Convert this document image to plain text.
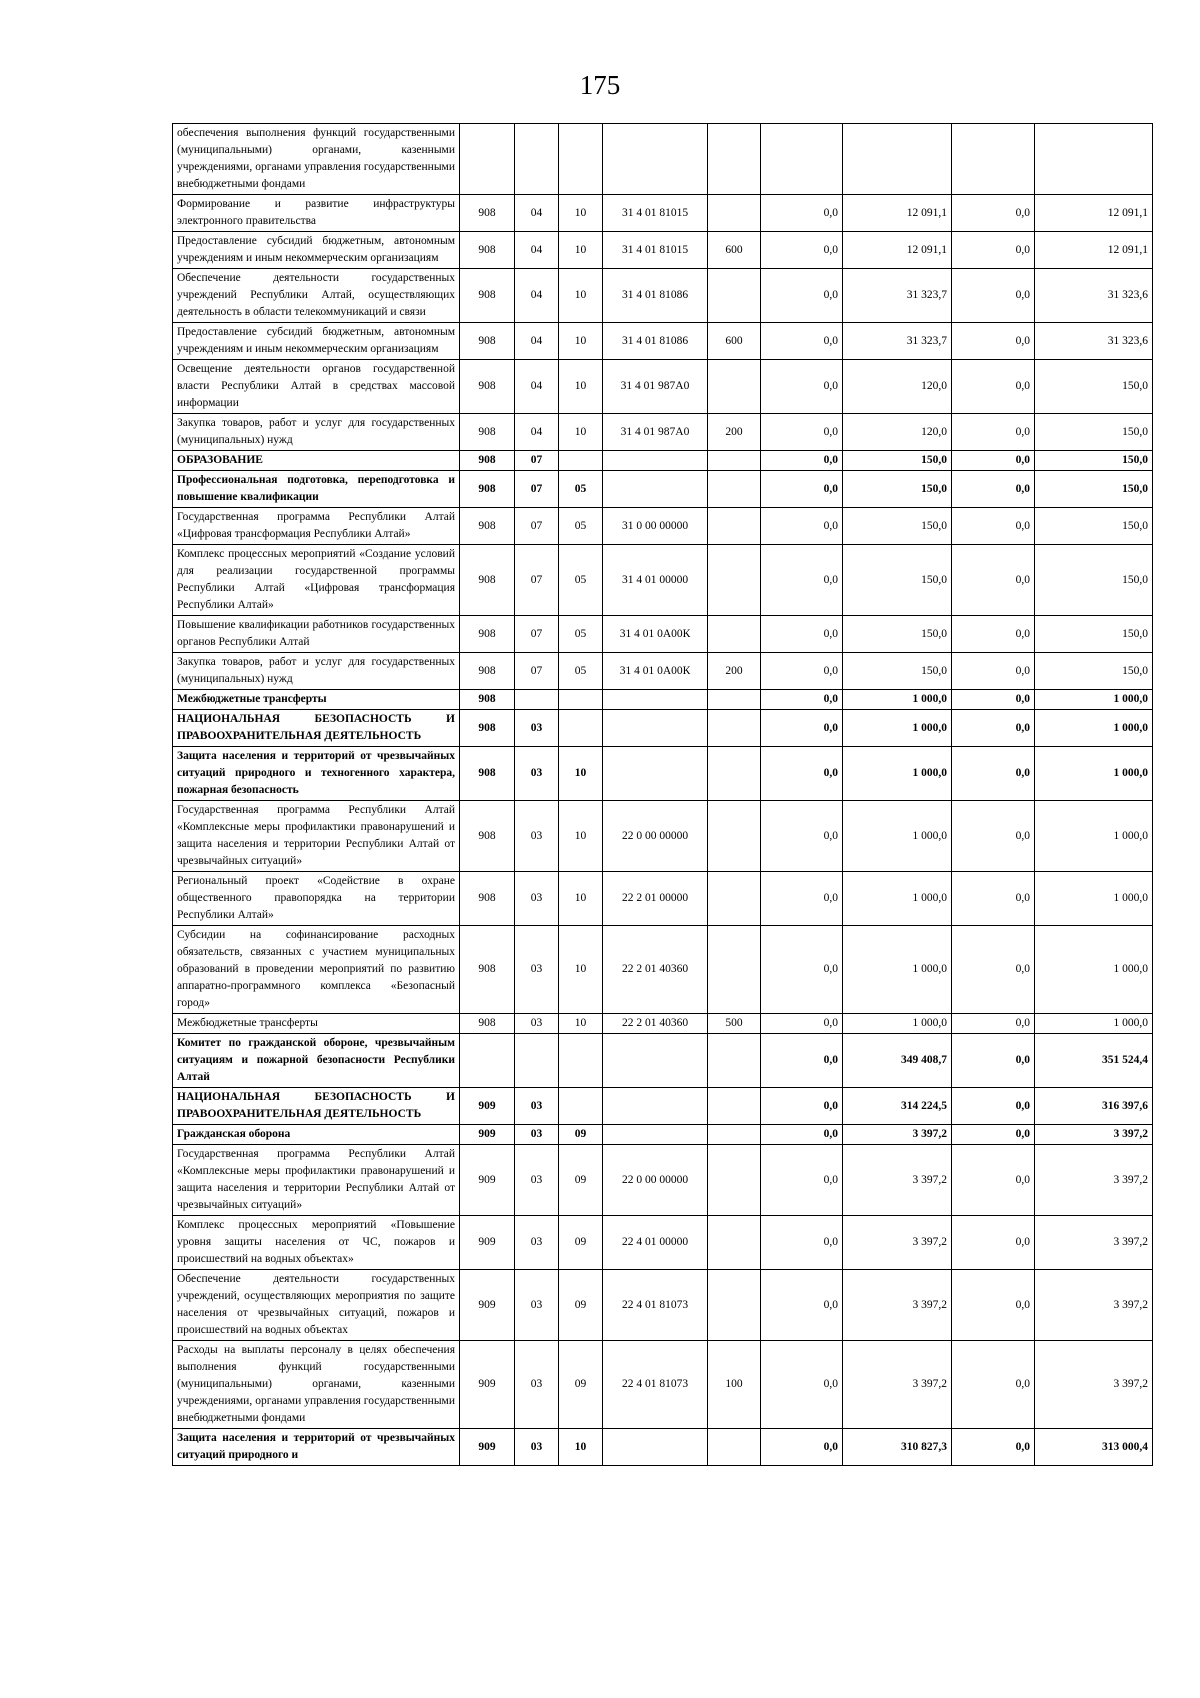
175
обеспечения выполнения функций государственными (муниципальными) органами, казенными учреждениями, органами управления государственными внебюджетными фондами									
Формирование и развитие инфраструктуры электронного правительства	908	04	10	31 4 01 81015		0,0	12 091,1	0,0	12 091,1
Предоставление субсидий бюджетным, автономным учреждениям и иным некоммерческим организациям	908	04	10	31 4 01 81015	600	0,0	12 091,1	0,0	12 091,1
Обеспечение деятельности государственных учреждений Республики Алтай, осуществляющих деятельность в области телекоммуникаций и связи	908	04	10	31 4 01 81086		0,0	31 323,7	0,0	31 323,6
Предоставление субсидий бюджетным, автономным учреждениям и иным некоммерческим организациям	908	04	10	31 4 01 81086	600	0,0	31 323,7	0,0	31 323,6
Освещение деятельности органов государственной власти Республики Алтай в средствах массовой информации	908	04	10	31 4 01 987А0		0,0	120,0	0,0	150,0
Закупка товаров, работ и услуг для государственных (муниципальных) нужд	908	04	10	31 4 01 987А0	200	0,0	120,0	0,0	150,0
ОБРАЗОВАНИЕ	908	07				0,0	150,0	0,0	150,0
Профессиональная подготовка, переподготовка и повышение квалификации	908	07	05			0,0	150,0	0,0	150,0
Государственная программа Республики Алтай «Цифровая трансформация Республики Алтай»	908	07	05	31 0 00 00000		0,0	150,0	0,0	150,0
Комплекс процессных мероприятий «Создание условий для реализации государственной программы Республики Алтай «Цифровая трансформация Республики Алтай»	908	07	05	31 4 01 00000		0,0	150,0	0,0	150,0
Повышение квалификации работников государственных органов Республики Алтай	908	07	05	31 4 01 0А00К		0,0	150,0	0,0	150,0
Закупка товаров, работ и услуг для государственных (муниципальных) нужд	908	07	05	31 4 01 0А00К	200	0,0	150,0	0,0	150,0
Межбюджетные трансферты	908					0,0	1 000,0	0,0	1 000,0
НАЦИОНАЛЬНАЯ БЕЗОПАСНОСТЬ И ПРАВООХРАНИТЕЛЬНАЯ ДЕЯТЕЛЬНОСТЬ	908	03				0,0	1 000,0	0,0	1 000,0
Защита населения и территорий от чрезвычайных ситуаций природного и техногенного характера, пожарная безопасность	908	03	10			0,0	1 000,0	0,0	1 000,0
Государственная программа Республики Алтай «Комплексные меры профилактики правонарушений и защита населения и территории Республики Алтай от чрезвычайных ситуаций»	908	03	10	22 0 00 00000		0,0	1 000,0	0,0	1 000,0
Региональный проект «Содействие в охране общественного правопорядка на территории Республики Алтай»	908	03	10	22 2 01 00000		0,0	1 000,0	0,0	1 000,0
Субсидии на софинансирование расходных обязательств, связанных с участием муниципальных образований в проведении мероприятий по развитию аппаратно-программного комплекса «Безопасный город»	908	03	10	22 2 01 40360		0,0	1 000,0	0,0	1 000,0
Межбюджетные трансферты	908	03	10	22 2 01 40360	500	0,0	1 000,0	0,0	1 000,0
Комитет по гражданской обороне, чрезвычайным ситуациям и пожарной безопасности Республики Алтай						0,0	349 408,7	0,0	351 524,4
НАЦИОНАЛЬНАЯ БЕЗОПАСНОСТЬ И ПРАВООХРАНИТЕЛЬНАЯ ДЕЯТЕЛЬНОСТЬ	909	03				0,0	314 224,5	0,0	316 397,6
Гражданская оборона	909	03	09			0,0	3 397,2	0,0	3 397,2
Государственная программа Республики Алтай «Комплексные меры профилактики правонарушений и защита населения и территории Республики Алтай от чрезвычайных ситуаций»	909	03	09	22 0 00 00000		0,0	3 397,2	0,0	3 397,2
Комплекс процессных мероприятий «Повышение уровня защиты населения от ЧС, пожаров и происшествий на водных объектах»	909	03	09	22 4 01 00000		0,0	3 397,2	0,0	3 397,2
Обеспечение деятельности государственных учреждений, осуществляющих мероприятия по защите населения от чрезвычайных ситуаций, пожаров и происшествий на водных объектах	909	03	09	22 4 01 81073		0,0	3 397,2	0,0	3 397,2
Расходы на выплаты персоналу в целях обеспечения выполнения функций государственными (муниципальными) органами, казенными учреждениями, органами управления государственными внебюджетными фондами	909	03	09	22 4 01 81073	100	0,0	3 397,2	0,0	3 397,2
Защита населения и территорий от чрезвычайных ситуаций природного и	909	03	10			0,0	310 827,3	0,0	313 000,4
